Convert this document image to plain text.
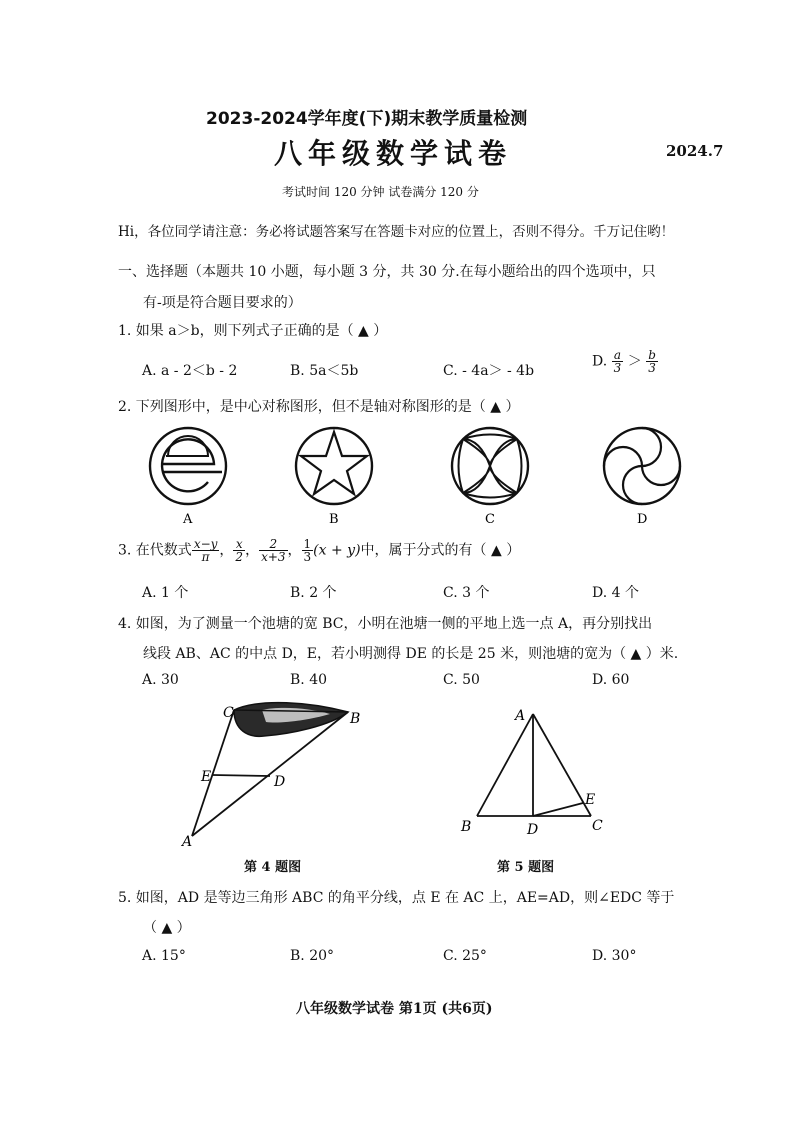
2023-2024学年度(下)期末教学质量检测
八年级数学试卷	2024.7
考试时间 120 分钟 试卷满分 120 分
Hi，各位同学请注意：务必将试题答案写在答题卡对应的位置上，否则不得分。千万记住哟！
一、选择题（本题共 10 小题，每小题 3 分，共 30 分.在每小题给出的四个选项中，只
有-项是符合题目要求的）
1. 如果 a＞b，则下列式子正确的是（ ▲ ）
A. a - 2＜b - 2	B. 5a＜5b	C. - 4a＞ - 4b
D. $\frac{a}{3} > \frac{b}{3}$
2. 下列图形中，是中心对称图形，但不是轴对称图形的是（ ▲ ）
A	B	C	D
3. 在代数式 $\frac{x-y}{\pi}$ ， $\frac{x}{2}$ ， $\frac{2}{x+3}$ ， $\frac{1}{3} (x + y)$中，属于分式的有（ ▲ ）
A. 1 个	B. 2 个	C. 3 个	D. 4 个
4. 如图，为了测量一个池塘的宽 BC，小明在池塘一侧的平地上选一点 A，再分别找出
线段 AB、AC 的中点 D，E，若小明测得 DE 的长是 25 米，则池塘的宽为（ ▲ ）米.
A. 30	B. 40	C. 50	D. 60
C	B
E	D
A
第 4 题图
A
B	D	C
E
第 5 题图
5. 如图，AD 是等边三角形 ABC 的角平分线，点 E 在 AC 上，AE=AD，则∠EDC 等于
（ ▲ ）
A. 15°	B. 20°	C. 25°	D. 30°
八年级数学试卷 第1页 (共6页)
